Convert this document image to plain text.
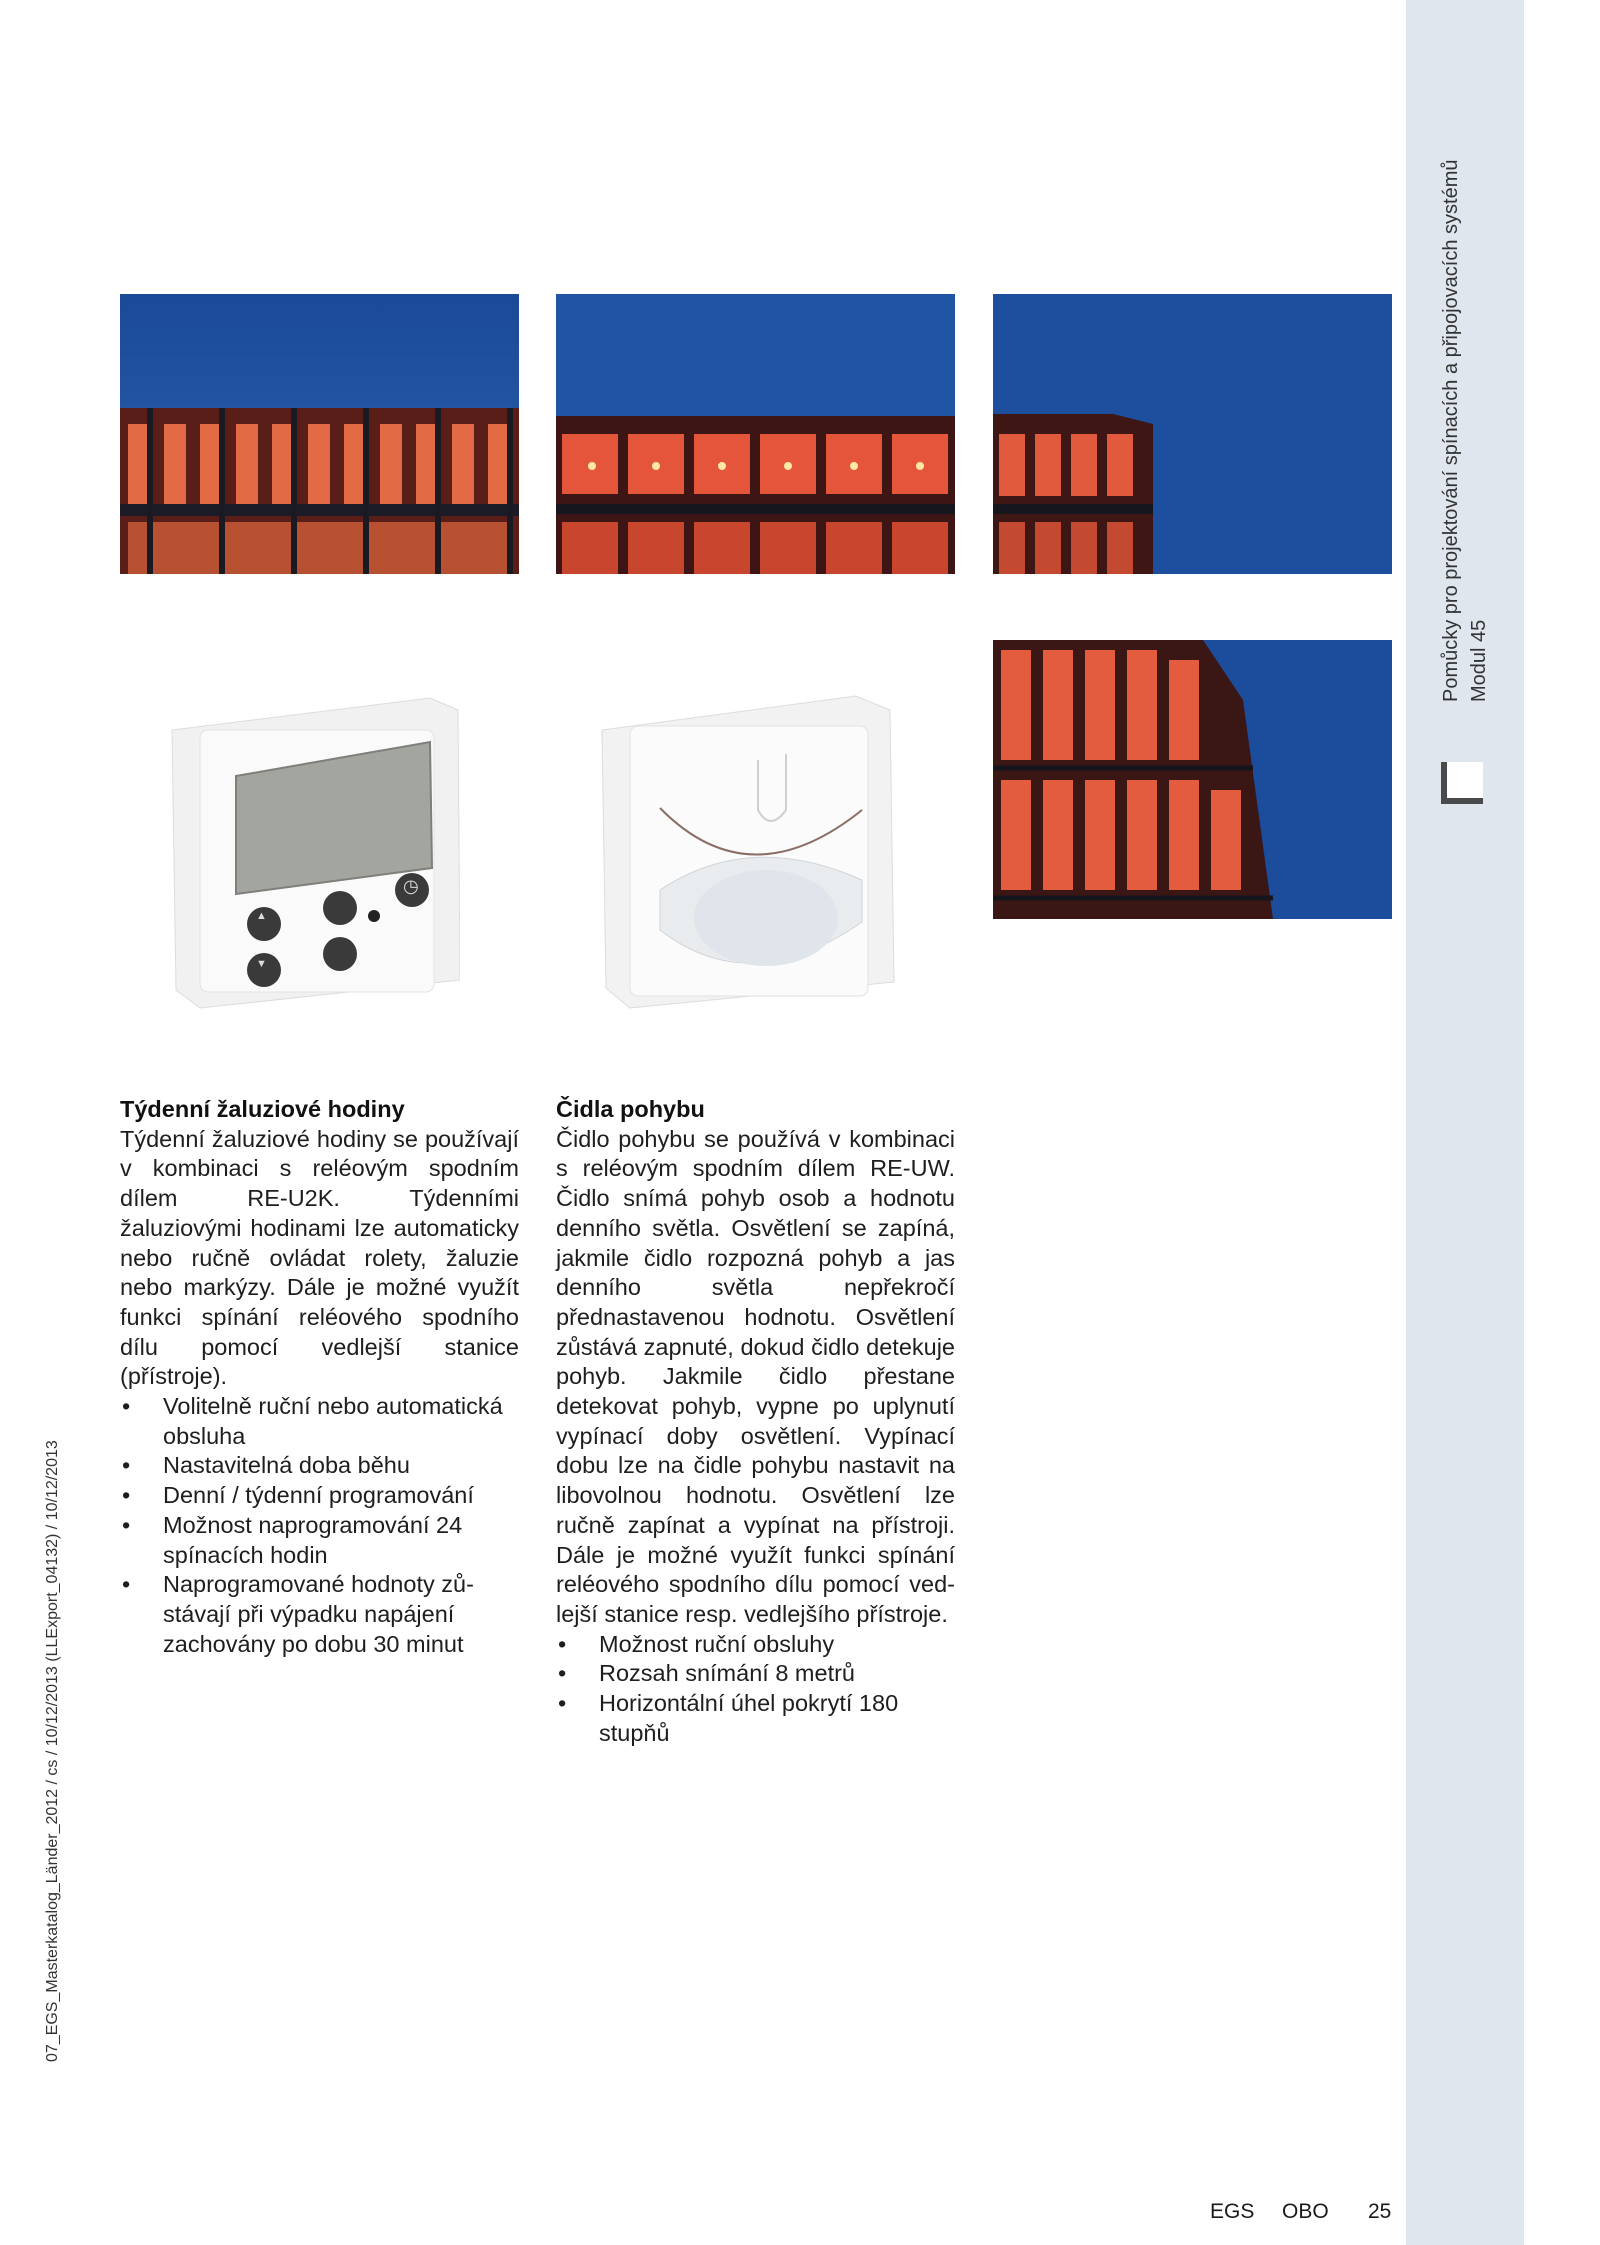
Pomůcky pro projektování spínacích a připojovacích systémů Modul 45
▲
▼
◷
Týdenní žaluziové hodiny

Týdenní žaluziové hodiny se používají v kombinaci s reléovým spodním dílem RE-U2K. Týdenními žaluziovými hodinami lze automaticky nebo ručně ovládat rolety, žaluzie nebo markýzy. Dále je možné využít funkci spínání reléového spodního dílu pomocí vedlejší stanice (přístroje).

• Volitelně ruční nebo automatická obsluha
• Nastavitelná doba běhu
• Denní / týdenní programování
• Možnost naprogramování 24 spínacích hodin
• Naprogramované hodnoty zůstávají při výpadku napájení zachovány po dobu 30 minut
Čidla pohybu

Čidlo pohybu se používá v kombinaci s reléovým spodním dílem RE-UW. Čidlo snímá pohyb osob a hodnotu denního světla. Osvětlení se zapíná, jakmile čidlo rozpozná pohyb a jas denního světla nepřekročí přednastavenou hodnotu. Osvětlení zůstává zapnuté, dokud čidlo detekuje pohyb. Jakmile čidlo přestane detekovat pohyb, vypne po uplynutí vypínací doby osvětlení. Vypínací dobu lze na čidle pohybu nastavit na libovolnou hodnotu. Osvětlení lze ručně zapínat a vypínat na přístroji. Dále je možné využít funkci spínání reléového spodního dílu pomocí vedlejší stanice resp. vedlejšího přístroje.

• Možnost ruční obsluhy
• Rozsah snímání 8 metrů
• Horizontální úhel pokrytí 180 stupňů
07_EGS_Masterkatalog_Länder_2012 / cs / 10/12/2013 (LLExport_04132) / 10/12/2013
EGS OBO 25
